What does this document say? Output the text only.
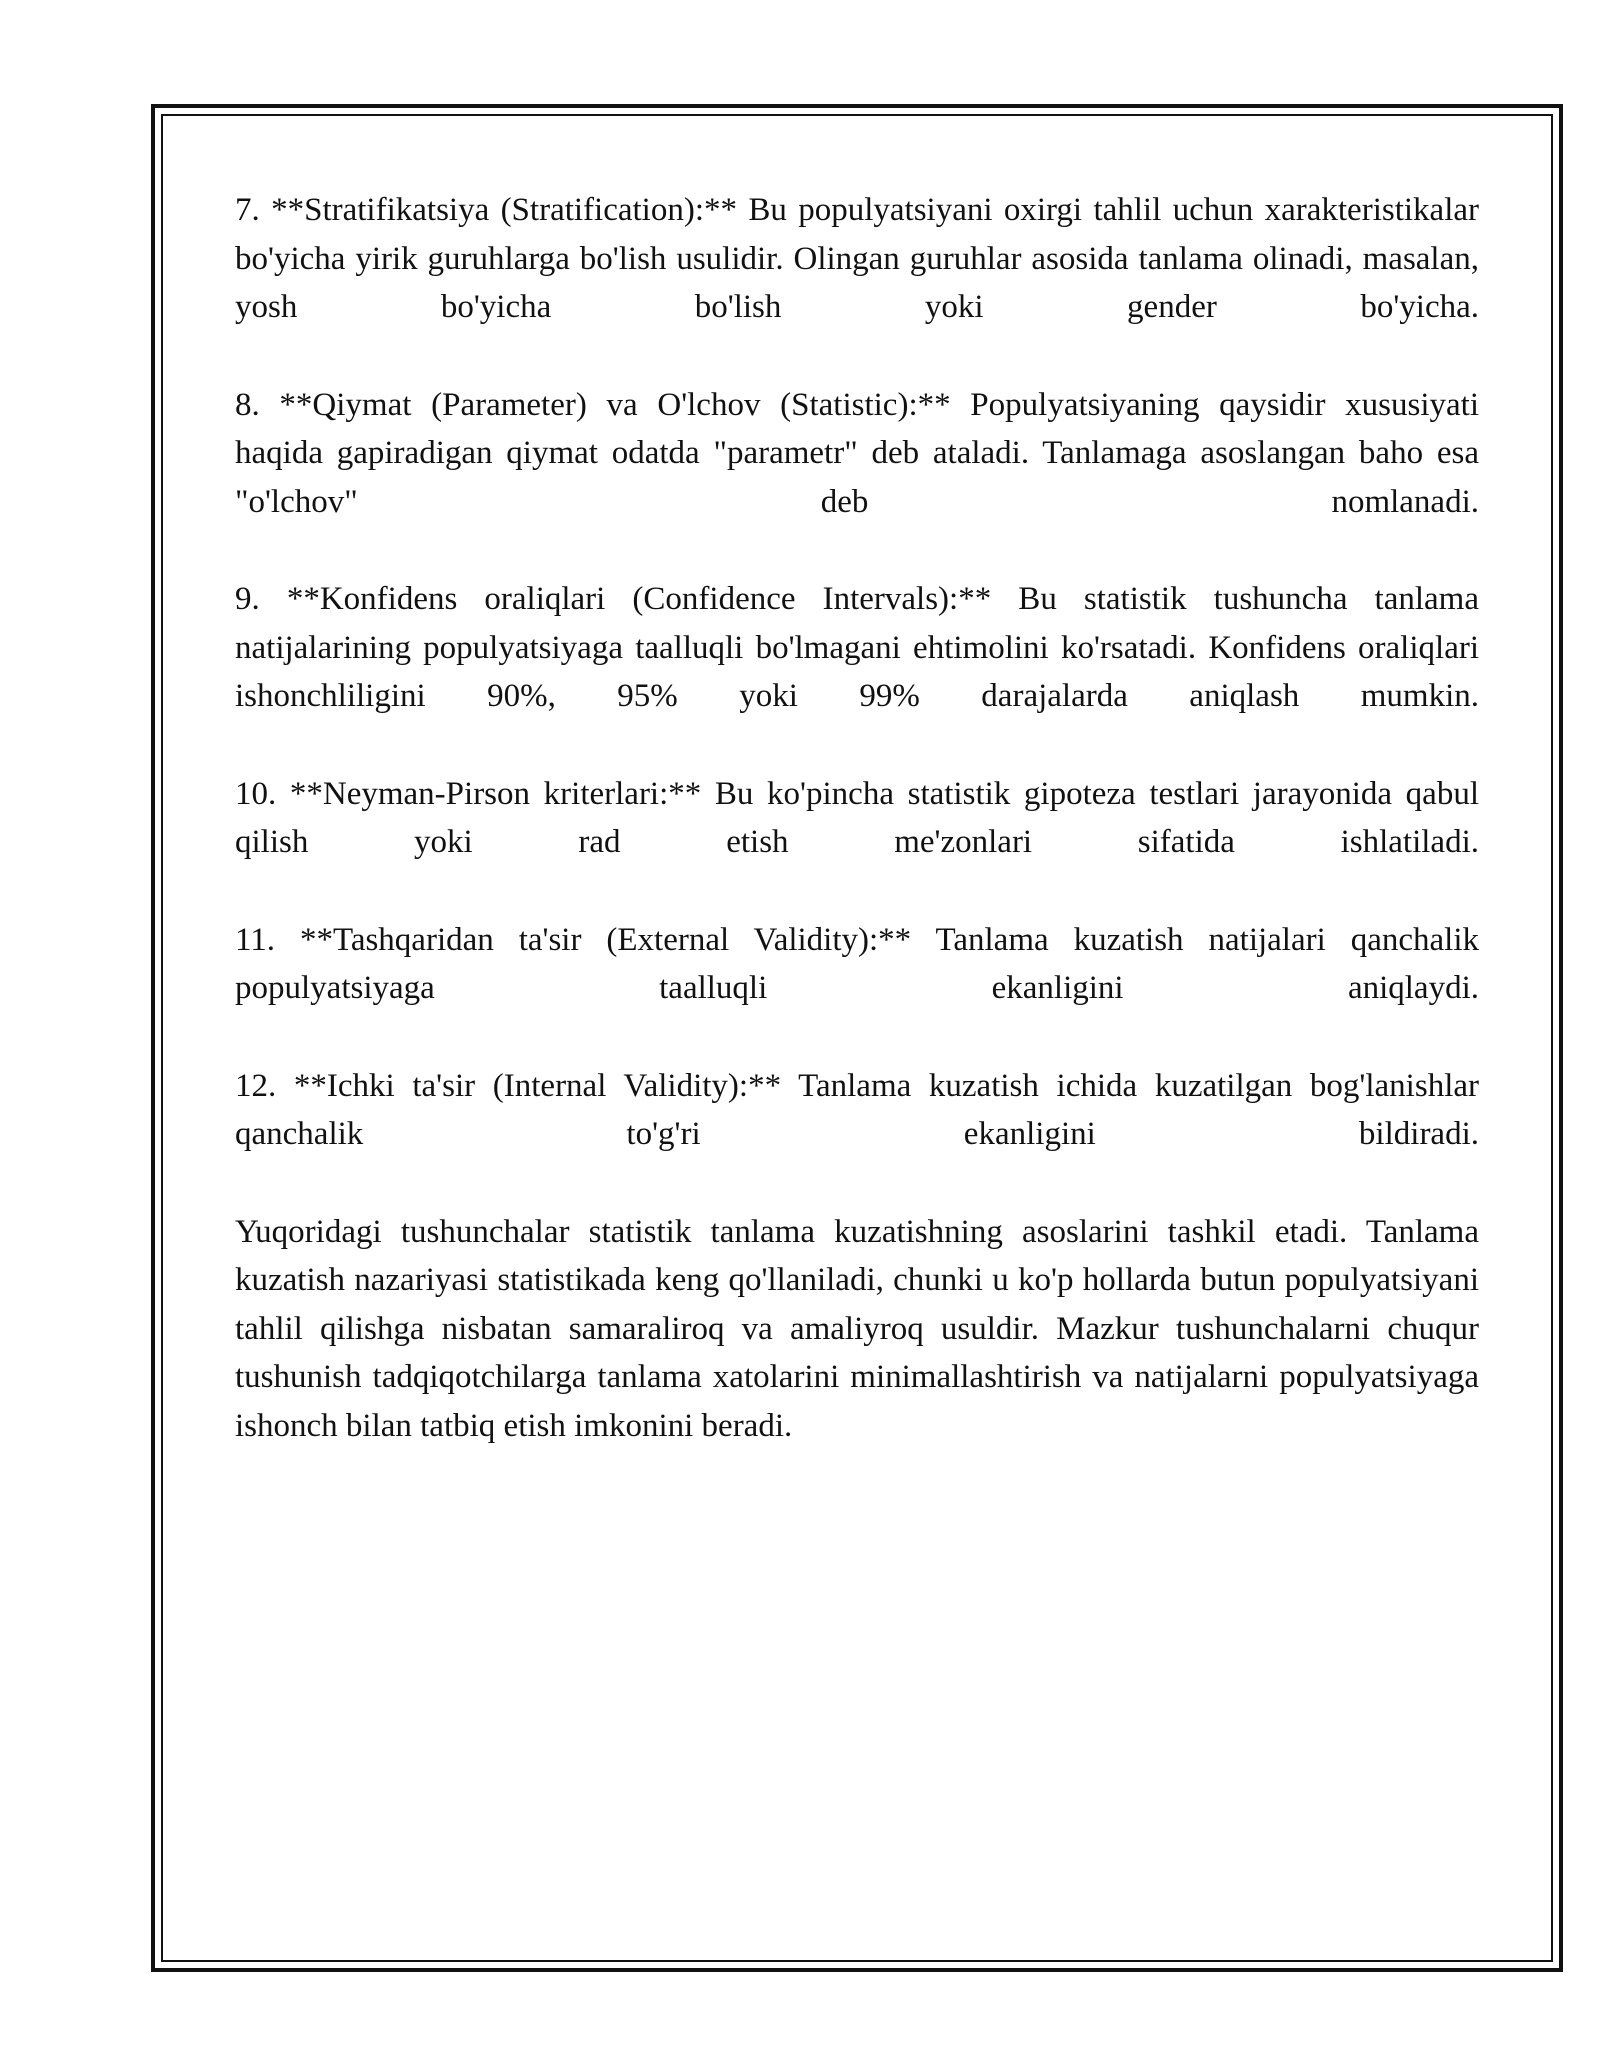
7. **Stratifikatsiya (Stratification):** Bu populyatsiyani oxirgi tahlil uchun xarakteristikalar bo'yicha yirik guruhlarga bo'lish usulidir. Olingan guruhlar asosida tanlama olinadi, masalan, yosh bo'yicha bo'lish yoki gender bo'yicha.

8. **Qiymat (Parameter) va O'lchov (Statistic):** Populyatsiyaning qaysidir xususiyati haqida gapiradigan qiymat odatda "parametr" deb ataladi. Tanlamaga asoslangan baho esa "o'lchov" deb nomlanadi.

9. **Konfidens oraliqlari (Confidence Intervals):** Bu statistik tushuncha tanlama natijalarining populyatsiyaga taalluqli bo'lmagani ehtimolini ko'rsatadi. Konfidens oraliqlari ishonchliligini 90%, 95% yoki 99% darajalarda aniqlash mumkin.

10. **Neyman-Pirson kriterlari:** Bu ko'pincha statistik gipoteza testlari jarayonida qabul qilish yoki rad etish me'zonlari sifatida ishlatiladi.

11. **Tashqaridan ta'sir (External Validity):** Tanlama kuzatish natijalari qanchalik populyatsiyaga taalluqli ekanligini aniqlaydi.

12. **Ichki ta'sir (Internal Validity):** Tanlama kuzatish ichida kuzatilgan bog'lanishlar qanchalik to'g'ri ekanligini bildiradi.

Yuqoridagi tushunchalar statistik tanlama kuzatishning asoslarini tashkil etadi. Tanlama kuzatish nazariyasi statistikada keng qo'llaniladi, chunki u ko'p hollarda butun populyatsiyani tahlil qilishga nisbatan samaraliroq va amaliyroq usuldir. Mazkur tushunchalarni chuqur tushunish tadqiqotchilarga tanlama xatolarini minimallashtirish va natijalarni populyatsiyaga ishonch bilan tatbiq etish imkonini beradi.
